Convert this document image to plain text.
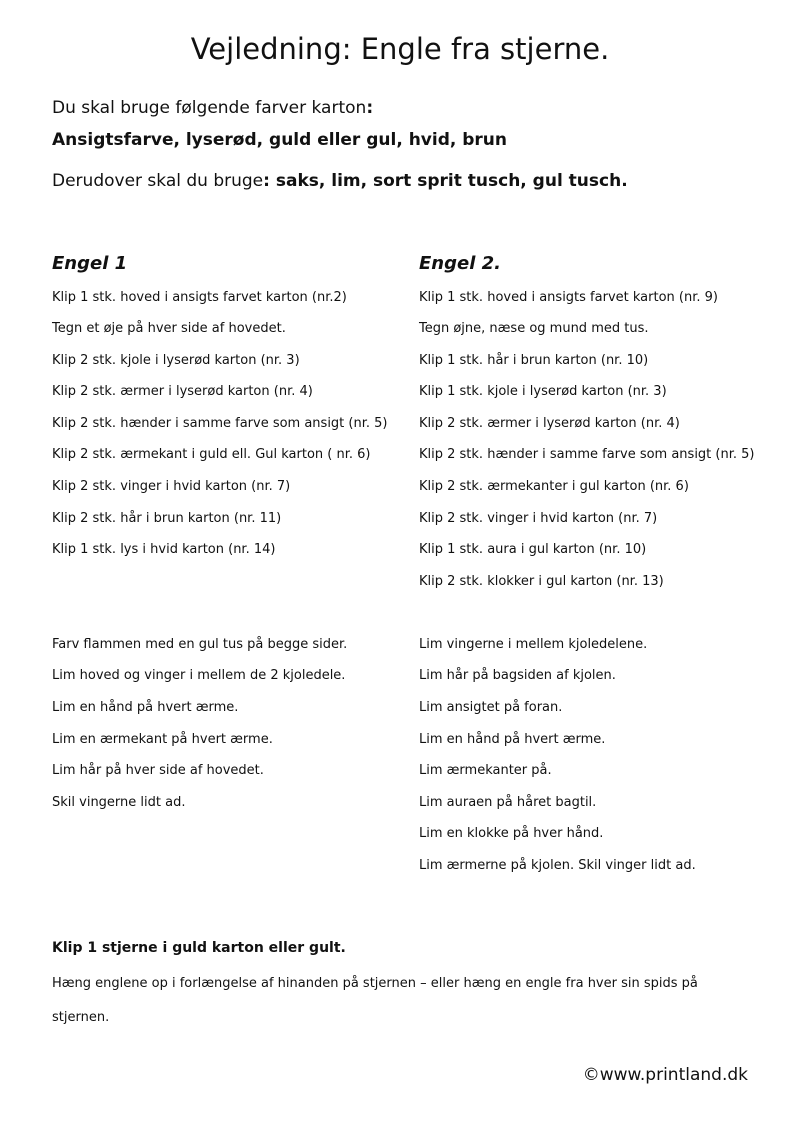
Vejledning: Engle fra stjerne.
Du skal bruge følgende farver karton:
Ansigtsfarve, lyserød, guld eller gul, hvid, brun
Derudover skal du bruge: saks, lim, sort sprit tusch, gul tusch.
Engel 1	Engel 2.
Klip 1 stk. hoved i ansigts farvet karton (nr.2)
Tegn et øje på hver side af hovedet.
Klip 2 stk. kjole i lyserød karton (nr. 3)
Klip 2 stk. ærmer i lyserød karton (nr. 4)
Klip 2 stk. hænder i samme farve som ansigt (nr. 5)
Klip 2 stk. ærmekant i guld ell. Gul karton ( nr. 6)
Klip 2 stk. vinger i hvid karton (nr. 7)
Klip 2 stk. hår i brun karton (nr. 11)
Klip 1 stk. lys i hvid karton (nr. 14)
Klip 1 stk. hoved i ansigts farvet karton (nr. 9)
Tegn øjne, næse og mund med tus.
Klip 1 stk. hår i brun karton (nr. 10)
Klip 1 stk. kjole i lyserød karton (nr. 3)
Klip 2 stk. ærmer i lyserød karton (nr. 4)
Klip 2 stk. hænder i samme farve som ansigt (nr. 5)
Klip 2 stk. ærmekanter i gul karton (nr. 6)
Klip 2 stk. vinger i hvid karton (nr. 7)
Klip 1 stk. aura i gul karton (nr. 10)
Klip 2 stk. klokker i gul karton (nr. 13)
Farv flammen med en gul tus på begge sider.
Lim hoved og vinger i mellem de 2 kjoledele.
Lim en hånd på hvert ærme.
Lim en ærmekant på hvert ærme.
Lim hår på hver side af hovedet.
Skil vingerne lidt ad.
Lim vingerne i mellem kjoledelene.
Lim hår på bagsiden af kjolen.
Lim ansigtet på foran.
Lim en hånd på hvert ærme.
Lim ærmekanter på.
Lim auraen på håret bagtil.
Lim en klokke på hver hånd.
Lim ærmerne på kjolen. Skil vinger lidt ad.
Klip 1 stjerne i guld karton eller gult.
Hæng englene op i forlængelse af hinanden på stjernen – eller hæng en engle fra hver sin spids på
stjernen.
©www.printland.dk
